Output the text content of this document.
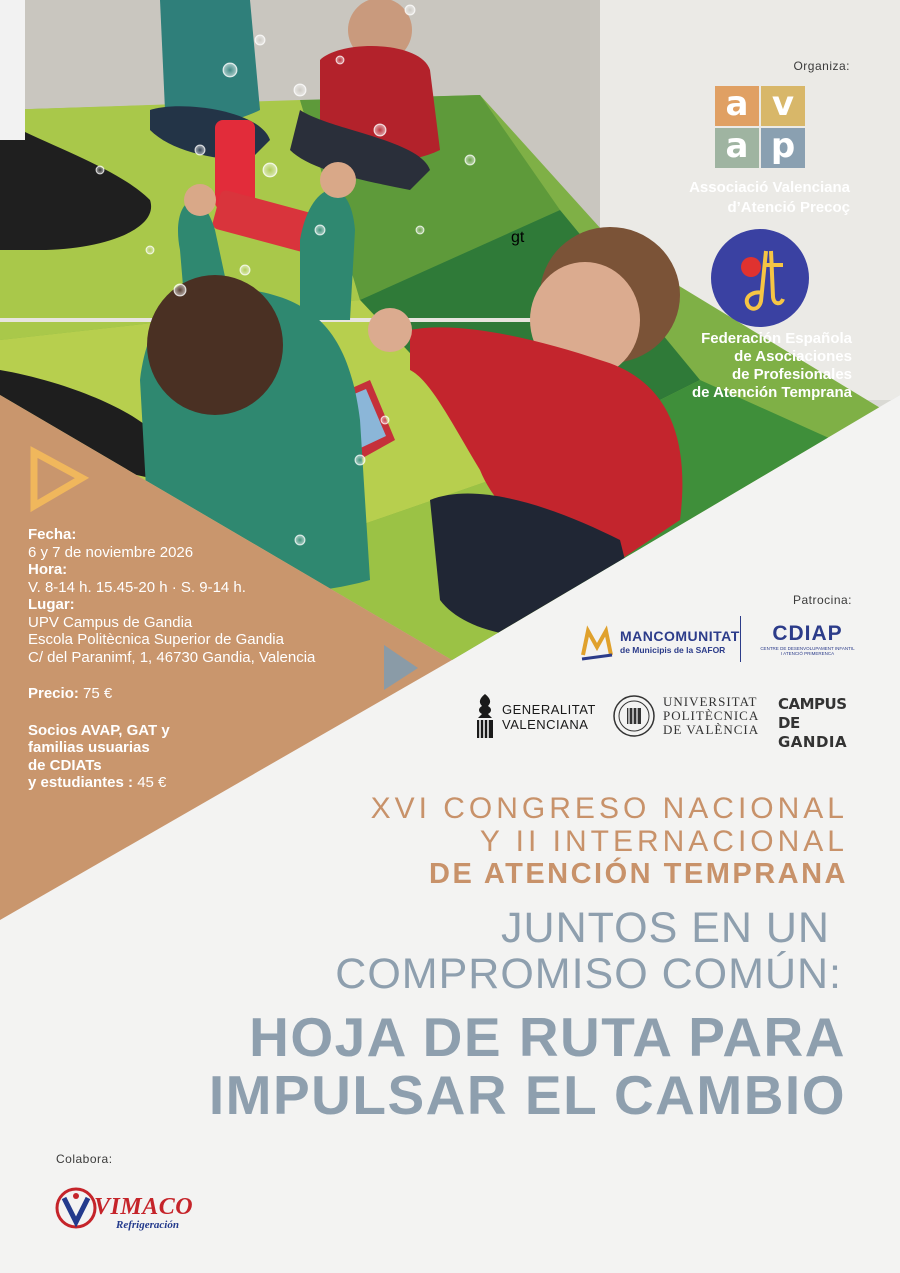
Organiza:
a v
a p
Associació Valenciana
d’Atenció Precoç
gt
Federación Española
de Asociaciones
de Profesionales
de Atención Temprana
Fecha:
6 y 7 de noviembre 2026
Hora:
V. 8-14 h. 15.45-20 h · S. 9-14 h.
Lugar:
UPV Campus de Gandia
Escola Politècnica Superior de Gandia
C/ del Paranimf, 1, 46730 Gandia, Valencia
Precio: 75 €
Socios AVAP, GAT y
familias usuarias
de CDIATs
y estudiantes : 45 €
Patrocina:
MANCOMUNITAT
de Municipis de la SAFOR
CDIAP
CENTRE DE DESENVOLUPAMENT INFANTIL
I ATENCIÓ PRIMERENCA
GENERALITAT
VALENCIANA
UNIVERSITAT
POLITÈCNICA
DE VALÈNCIA
CAMPUS DE
GANDIA
XVI CONGRESO NACIONAL
Y II INTERNACIONAL
DE ATENCIÓN TEMPRANA
JUNTOS EN UN
COMPROMISO COMÚN:
HOJA DE RUTA PARA
IMPULSAR EL CAMBIO
Colabora:
VIMACO
Refrigeración
